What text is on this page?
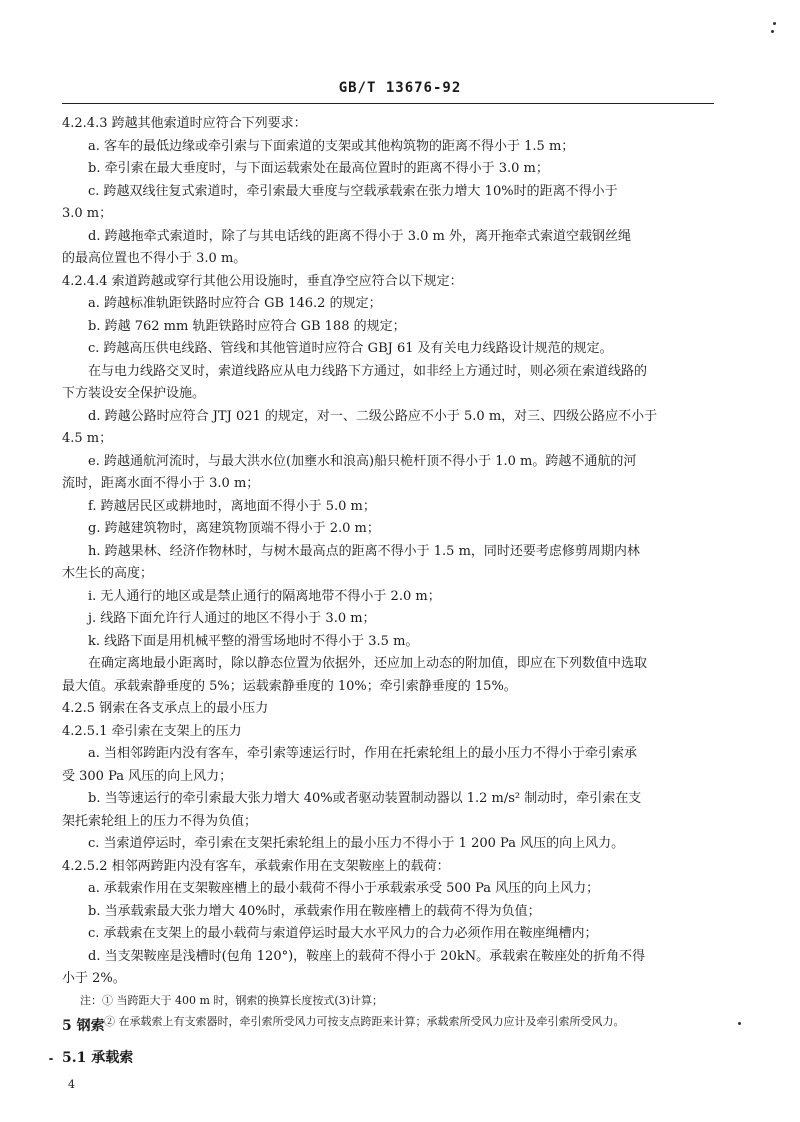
GB/T 13676-92
4.2.4.3 跨越其他索道时应符合下列要求：
a. 客车的最低边缘或牵引索与下面索道的支架或其他构筑物的距离不得小于 1.5 m；
b. 牵引索在最大垂度时，与下面运载索处在最高位置时的距离不得小于 3.0 m；
c. 跨越双线往复式索道时，牵引索最大垂度与空载承载索在张力增大 10%时的距离不得小于
3.0 m；
d. 跨越拖牵式索道时，除了与其电话线的距离不得小于 3.0 m 外，离开拖牵式索道空载钢丝绳
的最高位置也不得小于 3.0 m。
4.2.4.4 索道跨越或穿行其他公用设施时，垂直净空应符合以下规定：
a. 跨越标准轨距铁路时应符合 GB 146.2 的规定；
b. 跨越 762 mm 轨距铁路时应符合 GB 188 的规定；
c. 跨越高压供电线路、管线和其他管道时应符合 GBJ 61 及有关电力线路设计规范的规定。
在与电力线路交叉时，索道线路应从电力线路下方通过，如非经上方通过时，则必须在索道线路的
下方装设安全保护设施。
d. 跨越公路时应符合 JTJ 021 的规定，对一、二级公路应不小于 5.0 m，对三、四级公路应不小于
4.5 m；
e. 跨越通航河流时，与最大洪水位(加壅水和浪高)船只桅杆顶不得小于 1.0 m。跨越不通航的河
流时，距离水面不得小于 3.0 m；
f. 跨越居民区或耕地时，离地面不得小于 5.0 m；
g. 跨越建筑物时，离建筑物顶端不得小于 2.0 m；
h. 跨越果林、经济作物林时，与树木最高点的距离不得小于 1.5 m，同时还要考虑修剪周期内林
木生长的高度；
i. 无人通行的地区或是禁止通行的隔离地带不得小于 2.0 m；
j. 线路下面允许行人通过的地区不得小于 3.0 m；
k. 线路下面是用机械平整的滑雪场地时不得小于 3.5 m。
在确定离地最小距离时，除以静态位置为依据外，还应加上动态的附加值，即应在下列数值中选取
最大值。承载索静垂度的 5%；运载索静垂度的 10%；牵引索静垂度的 15%。
4.2.5 钢索在各支承点上的最小压力
4.2.5.1 牵引索在支架上的压力
a. 当相邻跨距内没有客车，牵引索等速运行时，作用在托索轮组上的最小压力不得小于牵引索承
受 300 Pa 风压的向上风力；
b. 当等速运行的牵引索最大张力增大 40%或者驱动装置制动器以 1.2 m/s² 制动时，牵引索在支
架托索轮组上的压力不得为负值；
c. 当索道停运时，牵引索在支架托索轮组上的最小压力不得小于 1 200 Pa 风压的向上风力。
4.2.5.2 相邻两跨距内没有客车，承载索作用在支架鞍座上的载荷：
a. 承载索作用在支架鞍座槽上的最小载荷不得小于承载索承受 500 Pa 风压的向上风力；
b. 当承载索最大张力增大 40%时，承载索作用在鞍座槽上的载荷不得为负值；
c. 承载索在支架上的最小载荷与索道停运时最大水平风力的合力必须作用在鞍座绳槽内；
d. 当支架鞍座是浅槽时(包角 120°)，鞍座上的载荷不得小于 20kN。承载索在鞍座处的折角不得
小于 2%。
注：① 当跨距大于 400 m 时，钢索的换算长度按式(3)计算；
② 在承载索上有支索器时，牵引索所受风力可按支点跨距来计算；承载索所受风力应计及牵引索所受风力。
5 钢索
5.1 承载索
4
